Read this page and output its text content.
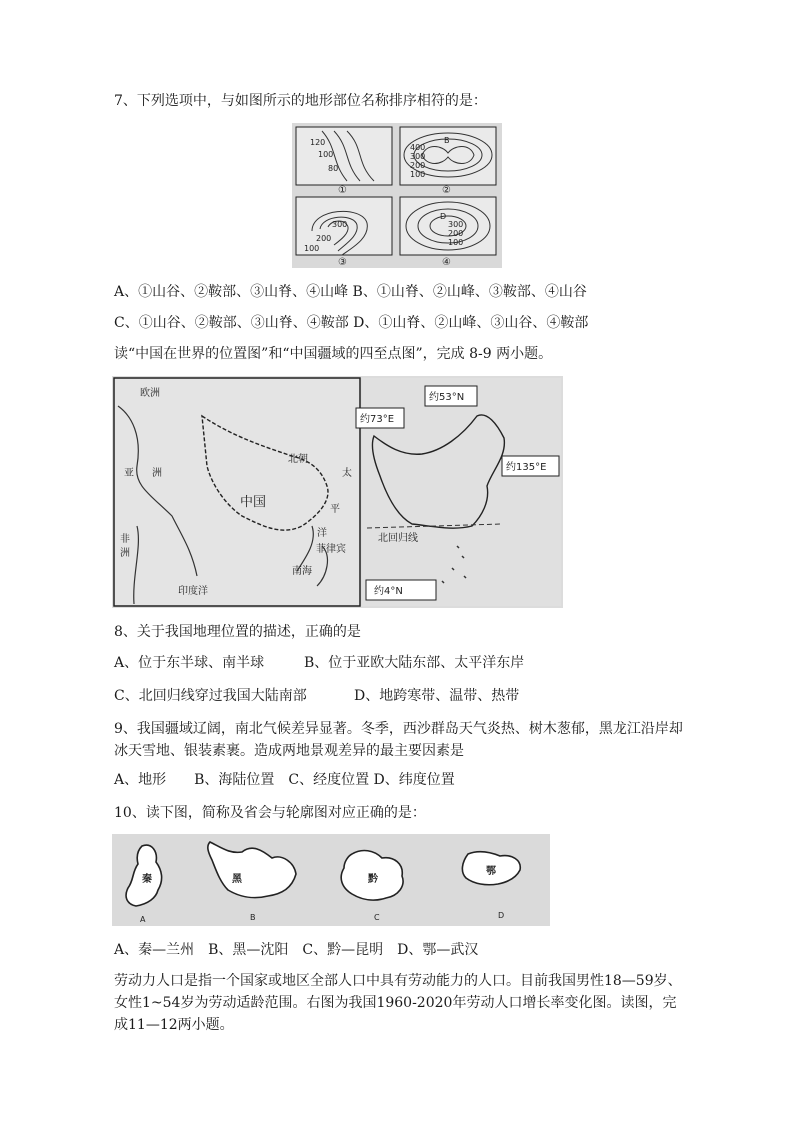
7、下列选项中，与如图所示的地形部位名称排序相符的是：
120
100
80
①
400
300
200
100
B
②
300
200
100
③
D
300
200
100
④
A、①山谷、②鞍部、③山脊、④山峰 B、①山脊、②山峰、③鞍部、④山谷
C、①山谷、②鞍部、③山脊、④鞍部 D、①山脊、②山峰、③山谷、④鞍部
读“中国在世界的位置图”和“中国疆域的四至点图”，完成 8-9 两小题。
欧洲
亚 洲
中国
北朝
太
平
洋
菲律宾
南海
非
洲
印度洋
约73°E
约53°N
约135°E
北回归线
约4°N
8、关于我国地理位置的描述，正确的是
A、位于东半球、南半球	B、位于亚欧大陆东部、太平洋东岸
C、北回归线穿过我国大陆南部	D、地跨寒带、温带、热带
9、我国疆域辽阔，南北气候差异显著。冬季，西沙群岛天气炎热、树木葱郁，黑龙江沿岸却冰天雪地、银装素裹。造成两地景观差异的最主要因素是
A、地形　　B、海陆位置　C、经度位置 D、纬度位置
10、读下图，简称及省会与轮廓图对应正确的是：
秦
A
黑
B
黔
C
鄂
D
A、秦—兰州　B、黑—沈阳　C、黔—昆明　D、鄂—武汉
劳动力人口是指一个国家或地区全部人口中具有劳动能力的人口。目前我国男性18—59岁、女性1~54岁为劳动适龄范围。右图为我国1960-2020年劳动人口增长率变化图。读图，完成11—12两小题。
